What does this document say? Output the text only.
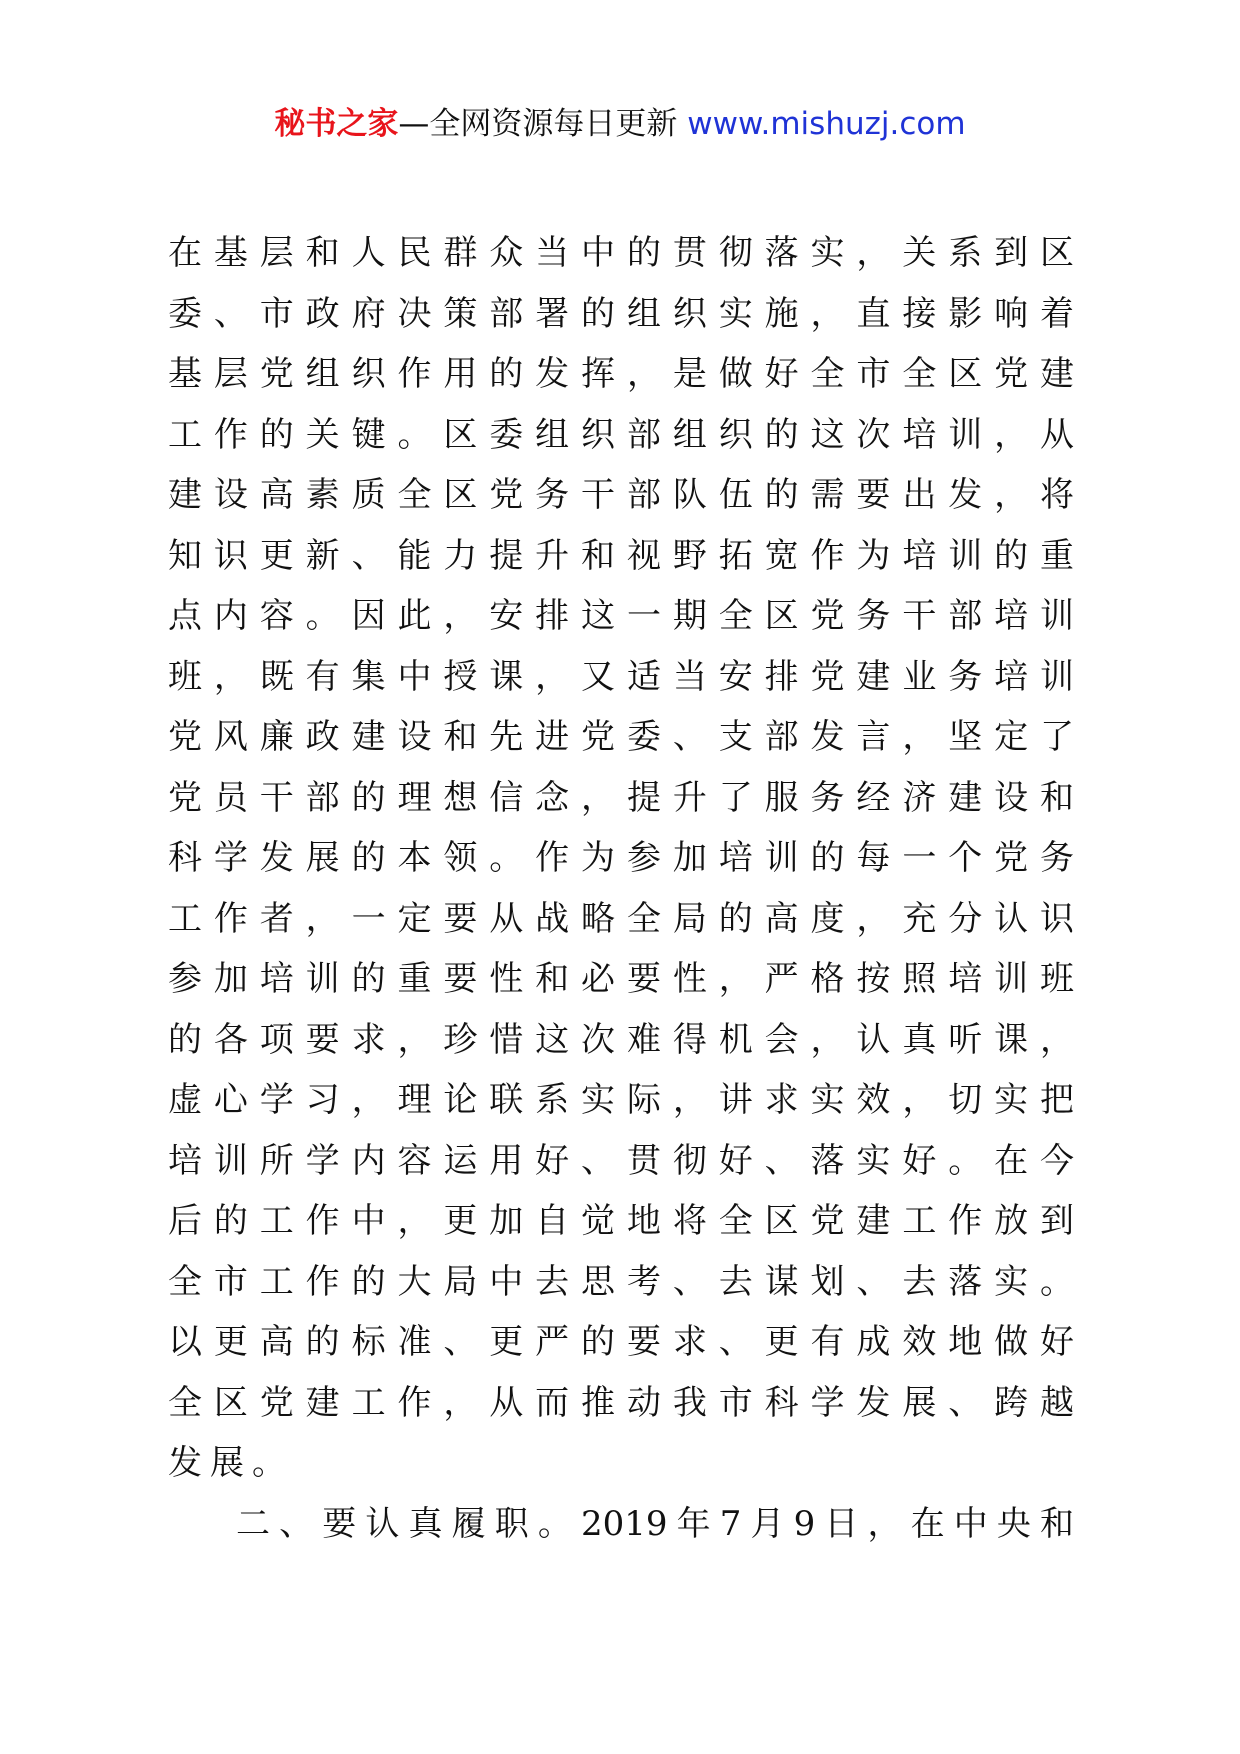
秘书之家—全网资源每日更新 www.mishuzj.com
在基层和人民群众当中的贯彻落实，关系到区
委、市政府决策部署的组织实施，直接影响着
基层党组织作用的发挥，是做好全市全区党建
工作的关键。区委组织部组织的这次培训，从
建设高素质全区党务干部队伍的需要出发，将
知识更新、能力提升和视野拓宽作为培训的重
点内容。因此，安排这一期全区党务干部培训
班，既有集中授课，又适当安排党建业务培训
党风廉政建设和先进党委、支部发言，坚定了
党员干部的理想信念，提升了服务经济建设和
科学发展的本领。作为参加培训的每一个党务
工作者，一定要从战略全局的高度，充分认识
参加培训的重要性和必要性，严格按照培训班
的各项要求，珍惜这次难得机会，认真听课，
虚心学习，理论联系实际，讲求实效，切实把
培训所学内容运用好、贯彻好、落实好。在今
后的工作中，更加自觉地将全区党建工作放到
全市工作的大局中去思考、去谋划、去落实。
以更高的标准、更严的要求、更有成效地做好
全区党建工作，从而推动我市科学发展、跨越
发展。
二、要认真履职。2019年7月9日，在中央和
